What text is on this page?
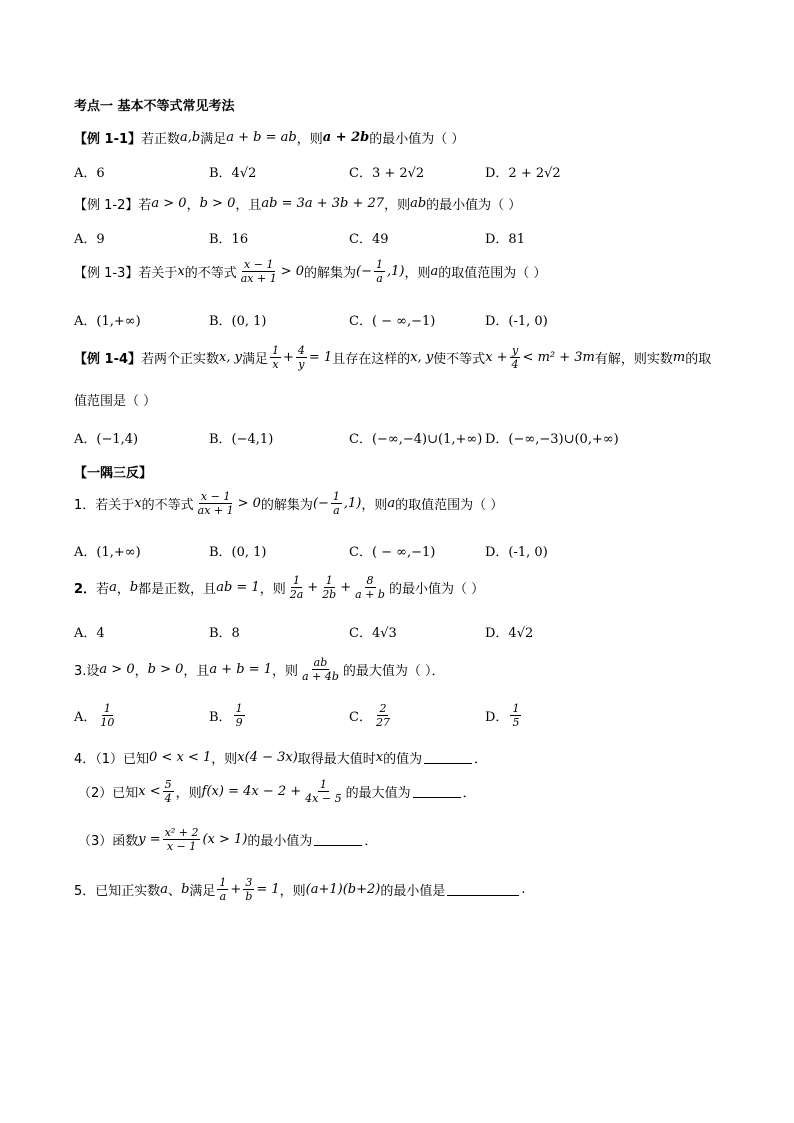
考点一 基本不等式常见考法
【例 1-1】 若正数 a,b 满足 a + b = ab ，则 a + 2b 的最小值为（ ）
A．6	B．4√2	C．3 + 2√2	D．2 + 2√2
【例 1-2】 若 a > 0 ， b > 0 ，且 ab = 3a + 3b + 27 ，则 ab 的最小值为（ ）
A．9	B．16	C．49	D．81
【例 1-3】 若关于 x 的不等式 $\frac{x - 1}{ax + 1} > 0$ 的解集为 (− $\frac{1}{a} ,1$) ，则 a 的取值范围为（ ）
A．(1,+∞)	B．(0, 1)	C．( − ∞,−1)	D．(-1, 0)
【例 1-4】 若两个正实数 x, y 满足 $\frac{1}{x} + \frac{4}{y} = 1$ 且存在这样的 x, y 使不等式 $x + \frac{y}{4} < m^2 + 3m$ 有解，则实数 m 的取
值范围是（ ）
A．(−1,4)	B．(−4,1)	C．(−∞,−4)∪(1,+∞) D．(−∞,−3)∪(0,+∞)
【一隅三反】
1．若关于 x 的不等式 $\frac{x - 1}{ax + 1} > 0$ 的解集为 (− $\frac{1}{a} ,1$) ，则 a 的取值范围为（ ）
A．(1,+∞)	B．(0, 1)	C．( − ∞,−1)	D．(-1, 0)
2． 若 a ， b 都是正数，且 ab = 1 ，则 $\frac{1}{2a} + \frac{1}{2b} + \frac{8}{a + b}$ 的最小值为（ ）
A．4	B．8	C．4√3	D．4√2
3.设 a > 0 ， b > 0 ，且 a + b = 1 ，则 $\frac{ab}{a + 4b}$ 的最大值为（ ）．
A． $\frac{1}{10}$	B． $\frac{1}{9}$	C． $\frac{2}{27}$	D． $\frac{1}{5}$
4．（1）已知 0 < x < 1 ，则 x(4 − 3x) 取得最大值时 x 的值为	．
（2）已知 $x < \frac{5}{4}$ ，则 $f(x) = 4x - 2 + \frac{1}{4x - 5}$ 的最大值为	．
（3）函数 $y = \frac{\text{x² + 2}}{x - 1} (x > 1)$ 的最小值为	．
5．已知正实数 a 、 b 满足 $\frac{1}{a} + \frac{3}{b} = 1$ ，则 (a+1)(b+2) 的最小值是	.
